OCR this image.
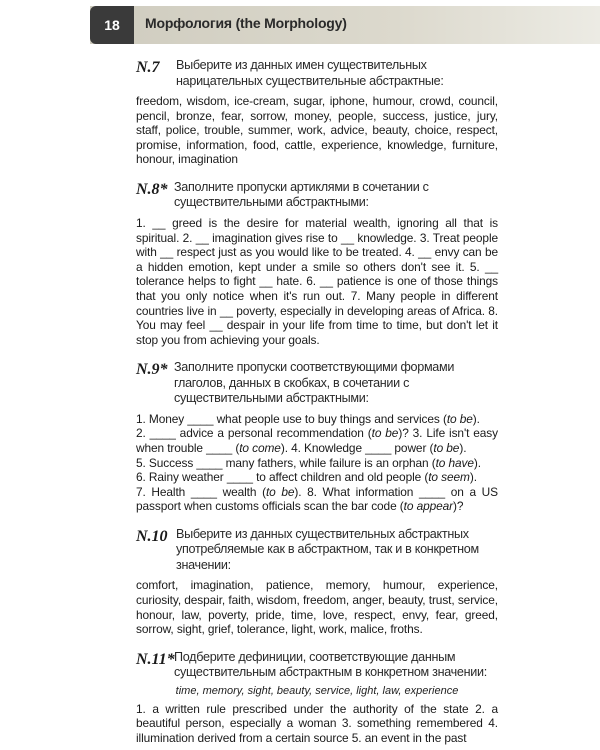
18	Морфология (the Morphology)
N.7	Выберите из данных имен существительных нарицательных существительные абстрактные:
freedom, wisdom, ice-cream, sugar, iphone, humour, crowd, council, pencil, bronze, fear, sorrow, money, people, success, justice, jury, staff, police, trouble, summer, work, advice, beauty, choice, respect, promise, information, food, cattle, experience, knowledge, furniture, honour, imagination
N.8* Заполните пропуски артиклями в сочетании с существительными абстрактными:
1. __ greed is the desire for material wealth, ignoring all that is spiritual. 2. __ imagination gives rise to __ knowledge. 3. Treat people with __ respect just as you would like to be treated. 4. __ envy can be a hidden emotion, kept under a smile so others don't see it. 5. __ tolerance helps to fight __ hate. 6. __ patience is one of those things that you only notice when it's run out. 7. Many people in different countries live in __ poverty, especially in developing areas of Africa. 8. You may feel __ despair in your life from time to time, but don't let it stop you from achieving your goals.
N.9* Заполните пропуски соответствующими формами глаголов, данных в скобках, в сочетании с существительными абстрактными:
1. Money ____ what people use to buy things and services (to be).
2. ____ advice a personal recommendation (to be)? 3. Life isn't easy when trouble ____ (to come). 4. Knowledge ____ power (to be).
5. Success ____ many fathers, while failure is an orphan (to have).
6. Rainy weather ____ to affect children and old people (to seem).
7. Health ____ wealth (to be). 8. What information ____ on a US passport when customs officials scan the bar code (to appear)?
N.10 Выберите из данных существительных абстрактных употребляемые как в абстрактном, так и в конкретном значении:
comfort, imagination, patience, memory, humour, experience, curiosity, despair, faith, wisdom, freedom, anger, beauty, trust, service, honour, law, poverty, pride, time, love, respect, envy, fear, greed, sorrow, sight, grief, tolerance, light, work, malice, froths.
N.11* Подберите дефиниции, соответствующие данным существительным абстрактным в конкретном значении:
time, memory, sight, beauty, service, light, law, experience
1. a written rule prescribed under the authority of the state 2. a beautiful person, especially a woman 3. something remembered 4. illumination derived from a certain source 5. an event in the past
